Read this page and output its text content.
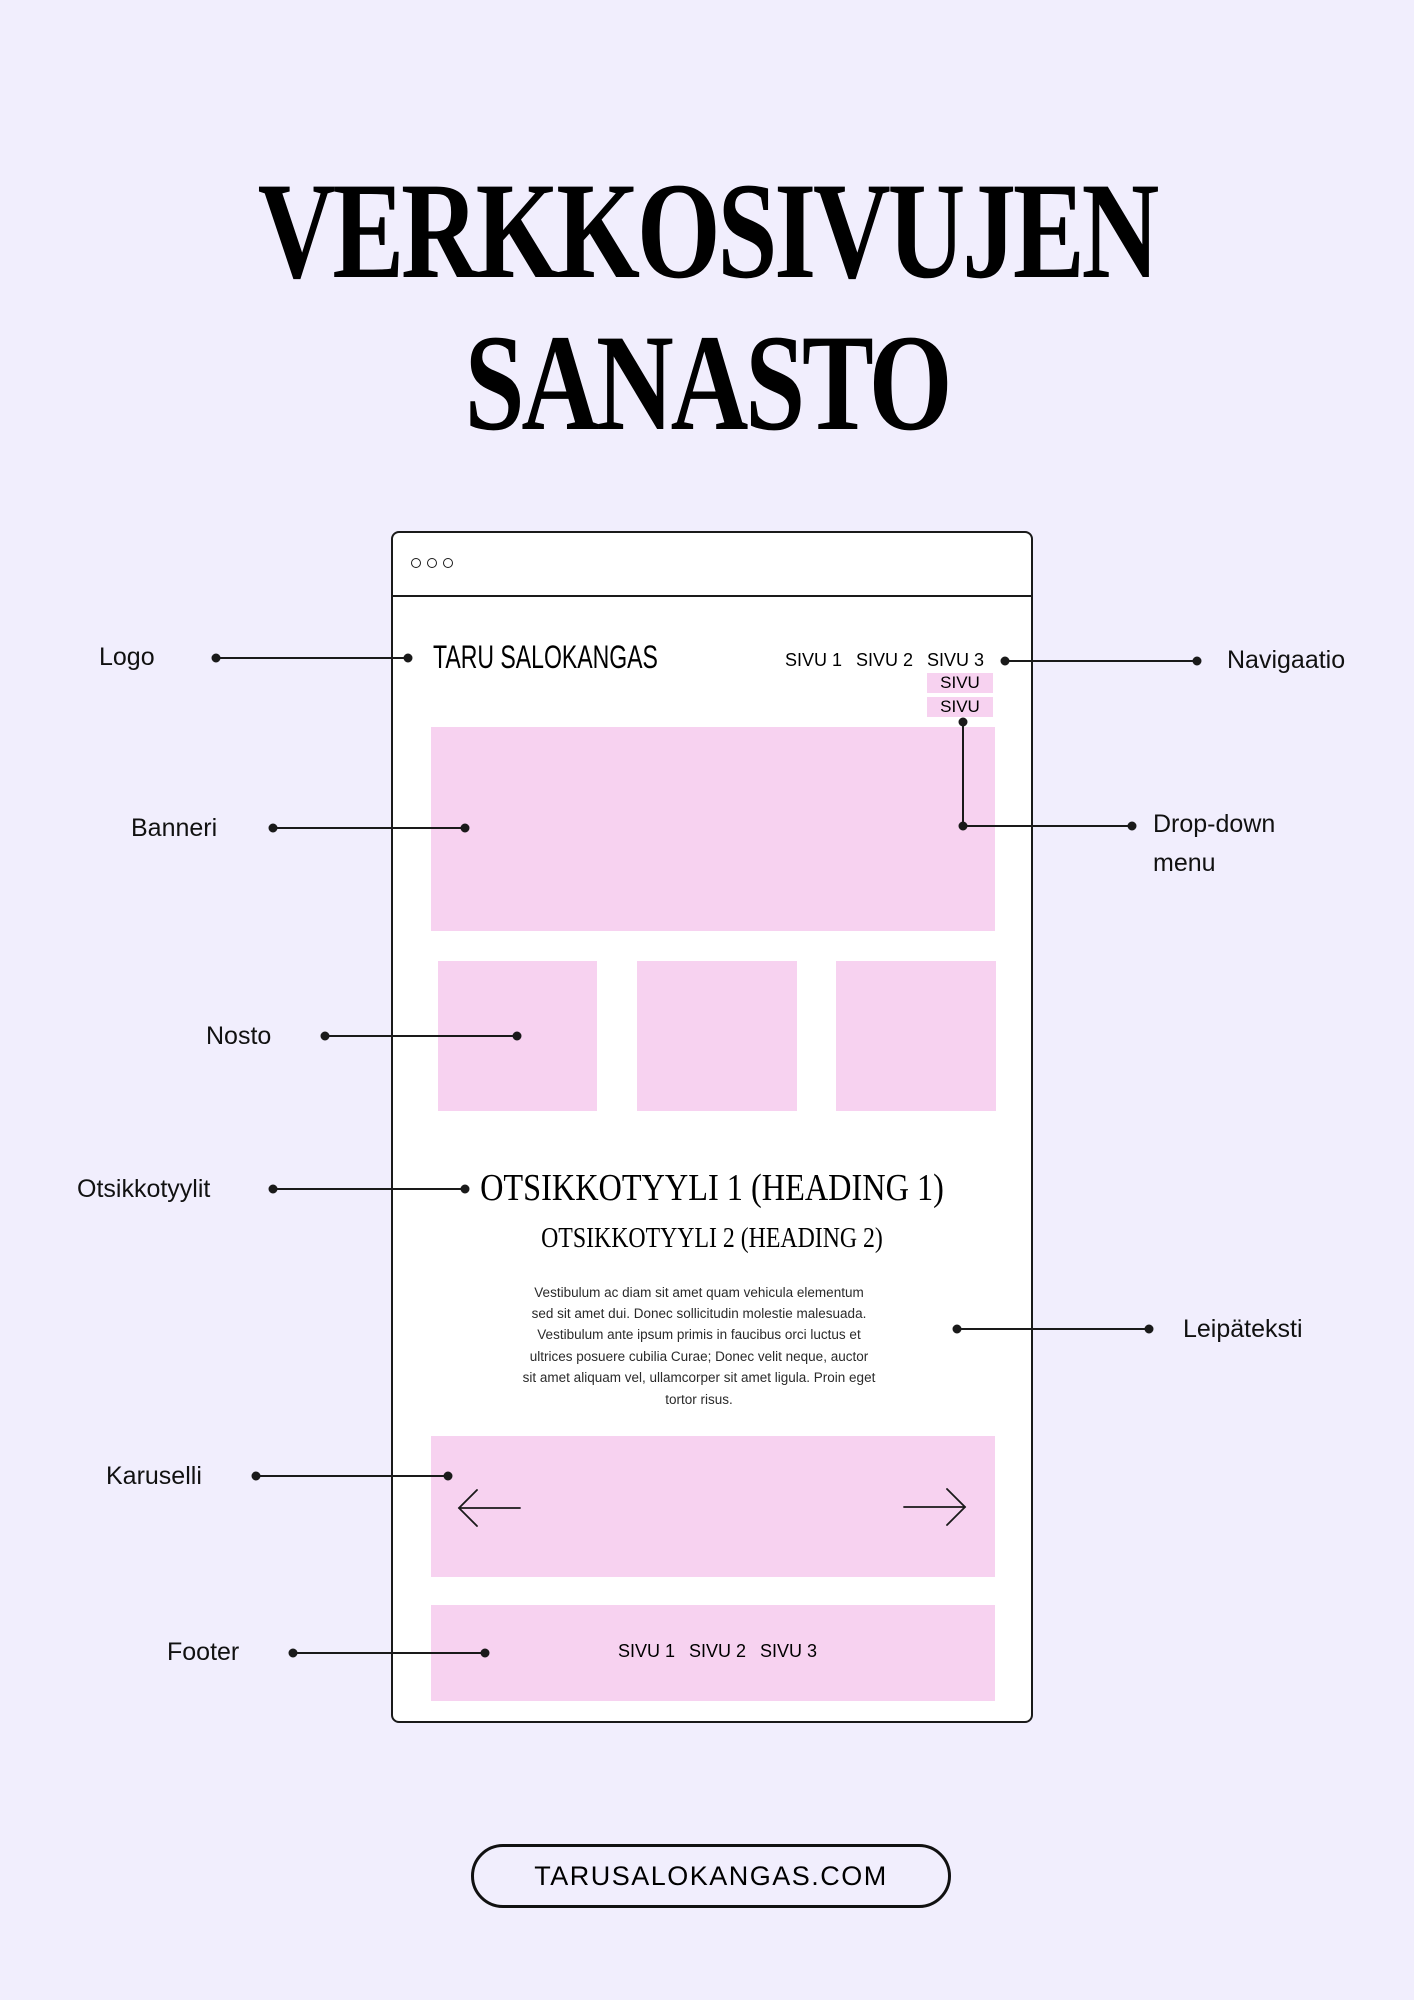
VERKKOSIVUJEN
SANASTO
TARU SALOKANGAS	SIVU 1 SIVU 2 SIVU 3
SIVU
SIVU
OTSIKKOTYYLI 1 (HEADING 1)
OTSIKKOTYYLI 2 (HEADING 2)
Vestibulum ac diam sit amet quam vehicula elementum
sed sit amet dui. Donec sollicitudin molestie malesuada.
Vestibulum ante ipsum primis in faucibus orci luctus et
ultrices posuere cubilia Curae; Donec velit neque, auctor
sit amet aliquam vel, ullamcorper sit amet ligula. Proin eget
tortor risus.
SIVU 1 SIVU 2 SIVU 3
Logo	Navigaatio
Banneri	Drop-down
menu
Nosto
Otsikkotyylit
Leipäteksti
Karuselli
Footer
TARUSALOKANGAS.COM
